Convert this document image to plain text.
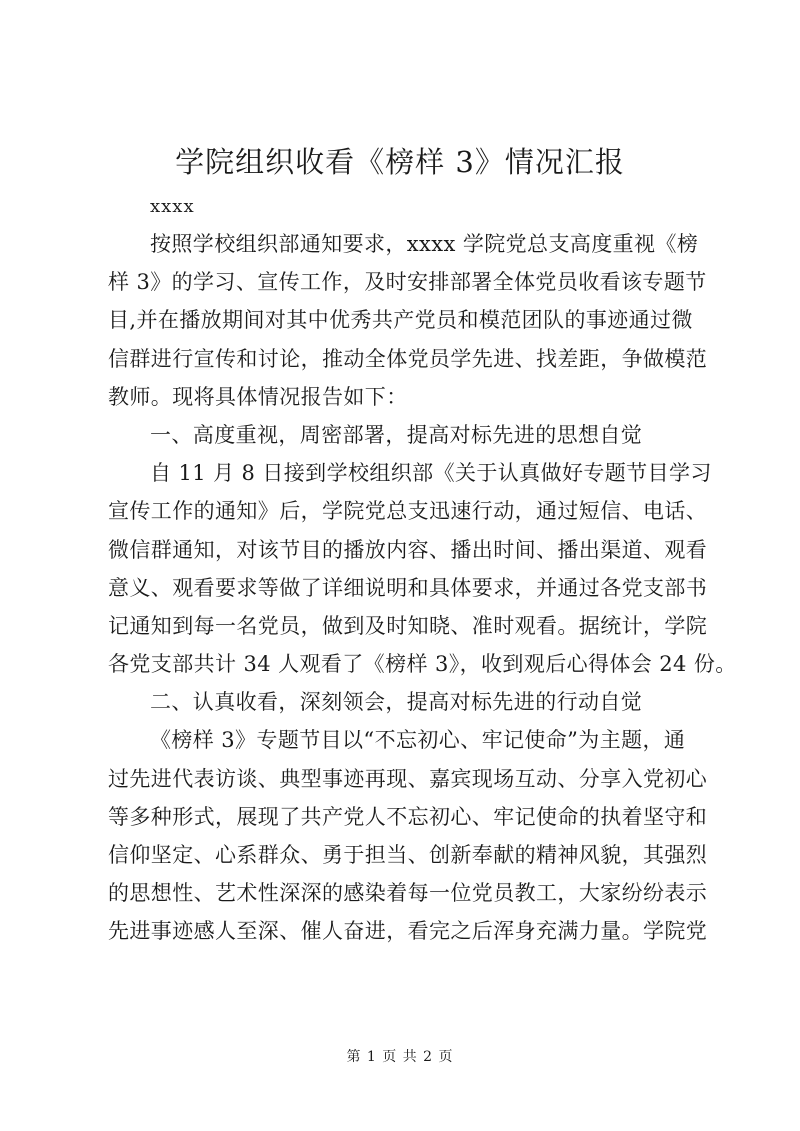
学院组织收看《榜样 3》情况汇报
xxxx
按照学校组织部通知要求，xxxx 学院党总支高度重视《榜
样 3》的学习、宣传工作，及时安排部署全体党员收看该专题节
目,并在播放期间对其中优秀共产党员和模范团队的事迹通过微
信群进行宣传和讨论，推动全体党员学先进、找差距，争做模范
教师。现将具体情况报告如下：
一、高度重视，周密部署，提高对标先进的思想自觉
自 11 月 8 日接到学校组织部《关于认真做好专题节目学习
宣传工作的通知》后，学院党总支迅速行动，通过短信、电话、
微信群通知，对该节目的播放内容、播出时间、播出渠道、观看
意义、观看要求等做了详细说明和具体要求，并通过各党支部书
记通知到每一名党员，做到及时知晓、准时观看。据统计，学院
各党支部共计 34 人观看了《榜样 3》，收到观后心得体会 24 份。
二、认真收看，深刻领会，提高对标先进的行动自觉
《榜样 3》专题节目以“不忘初心、牢记使命”为主题，通
过先进代表访谈、典型事迹再现、嘉宾现场互动、分享入党初心
等多种形式，展现了共产党人不忘初心、牢记使命的执着坚守和
信仰坚定、心系群众、勇于担当、创新奉献的精神风貌，其强烈
的思想性、艺术性深深的感染着每一位党员教工，大家纷纷表示
先进事迹感人至深、催人奋进，看完之后浑身充满力量。学院党
第 1 页 共 2 页
